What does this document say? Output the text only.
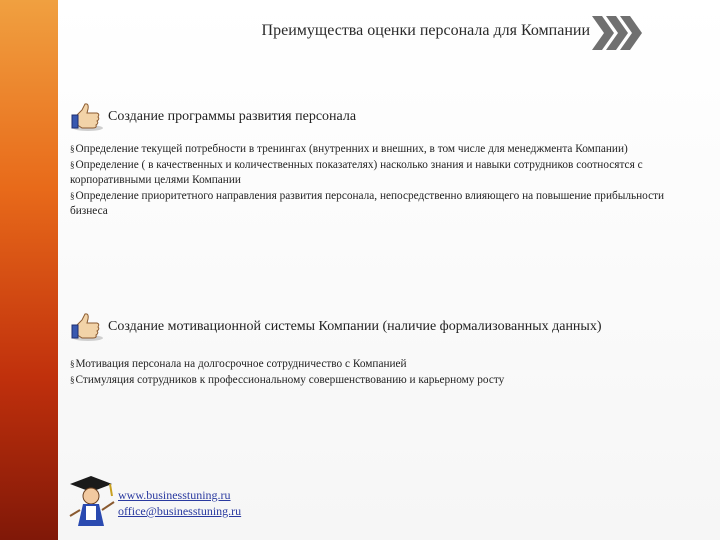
Преимущества оценки персонала для Компании
Создание программы развития персонала

§ Определение текущей потребности в тренингах (внутренних и внешних, в том числе для менеджмента Компании)

§ Определение ( в качественных и количественных показателях) насколько знания и навыки сотрудников соотносятся с корпоративными целями Компании

§ Определение приоритетного направления развития персонала, непосредственно влияющего на повышение прибыльности бизнеса

Создание мотивационной системы Компании (наличие формализованных данных)

§ Мотивация персонала на долгосрочное сотрудничество с Компанией

§ Стимуляция сотрудников к профессиональному совершенствованию и карьерному росту

www.businesstuning.ru
office@businesstuning.ru
